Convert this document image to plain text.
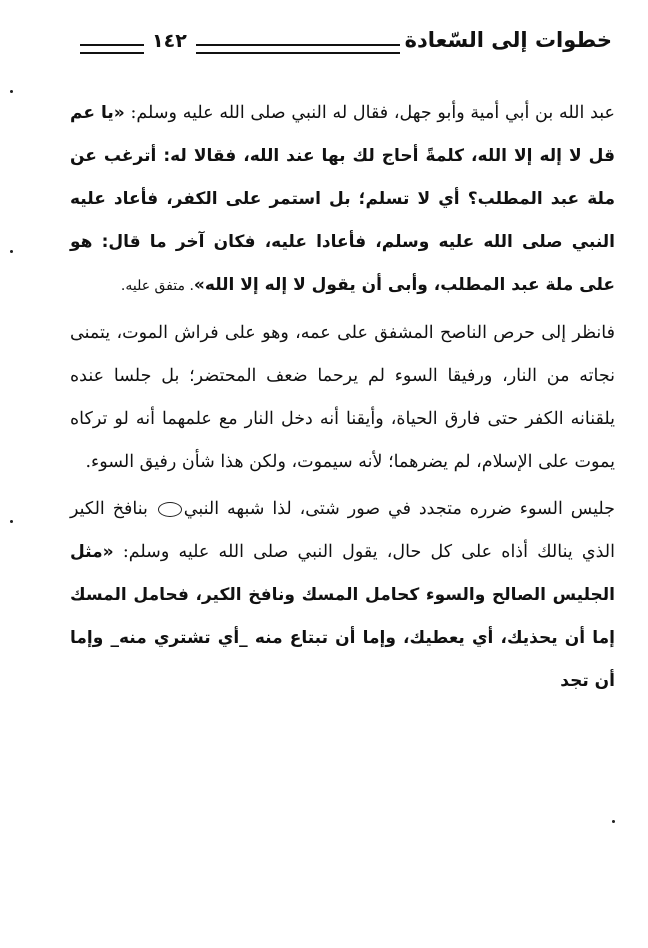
خطوات إلى السّعادة
١٤٢

عبد الله بن أبي أمية وأبو جهل، فقال له النبي صلى الله عليه وسلم: «يا عم قل لا إله إلا الله، كلمةً أحاج لك بها عند الله، فقالا له: أترغب عن ملة عبد المطلب؟ أي لا تسلم؛ بل استمر على الكفر، فأعاد عليه النبي صلى الله عليه وسلم، فأعادا عليه، فكان آخر ما قال: هو على ملة عبد المطلب، وأبى أن يقول لا إله إلا الله». متفق عليه.

فانظر إلى حرص الناصح المشفق على عمه، وهو على فراش الموت، يتمنى نجاته من النار، ورفيقا السوء لم يرحما ضعف المحتضر؛ بل جلسا عنده يلقنانه الكفر حتى فارق الحياة، وأيقنا أنه دخل النار مع علمهما أنه لو تركاه يموت على الإسلام، لم يضرهما؛ لأنه سيموت، ولكن هذا شأن رفيق السوء.

جليس السوء ضرره متجدد في صور شتى، لذا شبهه النبي بنافخ الكير الذي ينالك أذاه على كل حال، يقول النبي صلى الله عليه وسلم: «مثل الجليس الصالح والسوء كحامل المسك ونافخ الكير، فحامل المسك إما أن يحذيك، أي يعطيك، وإما أن تبتاع منه _أي تشتري منه_ وإما أن تجد
